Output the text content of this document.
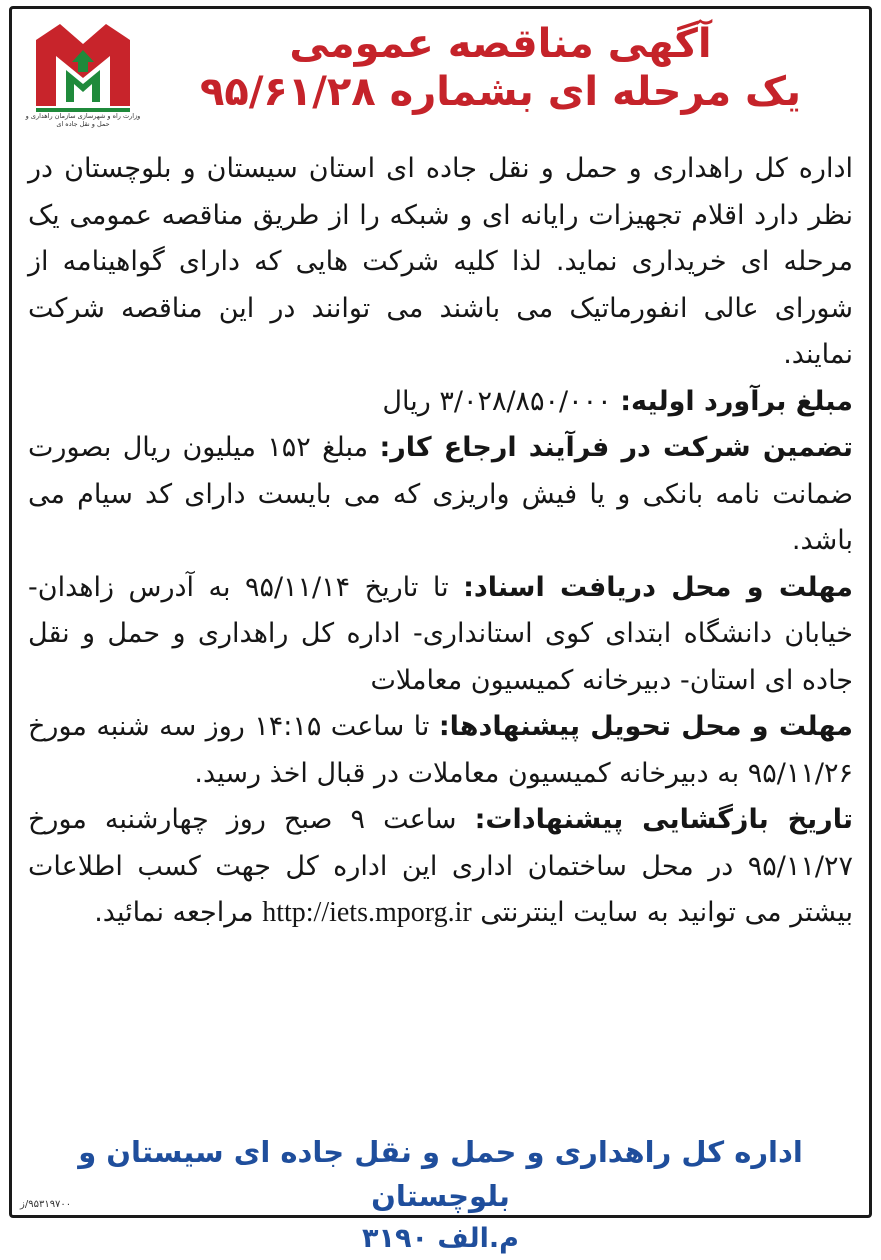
وزارت راه و شهرسازی سازمان راهداری و حمل و نقل جاده ای

آگهی مناقصه عمومی

یک مرحله ای بشماره ۹۵/۶۱/۲۸

اداره کل راهداری و حمل و نقل جاده ای استان سیستان و بلوچستان در نظر دارد اقلام تجهیزات رایانه ای و شبکه را از طریق مناقصه عمومی یک مرحله ای خریداری نماید. لذا کلیه شرکت هایی که دارای گواهینامه از شورای عالی انفورماتیک می باشند می توانند در این مناقصه شرکت نمایند.

مبلغ برآورد اولیه: ۳/۰۲۸/۸۵۰/۰۰۰ ریال

تضمین شرکت در فرآیند ارجاع کار: مبلغ ۱۵۲ میلیون ریال بصورت ضمانت نامه بانکی و یا فیش واریزی که می بایست دارای کد سیام می باشد.

مهلت و محل دریافت اسناد: تا تاریخ ۹۵/۱۱/۱۴ به آدرس زاهدان- خیابان دانشگاه ابتدای کوی استانداری- اداره کل راهداری و حمل و نقل جاده ای استان- دبیرخانه کمیسیون معاملات

مهلت و محل تحویل پیشنهادها: تا ساعت ۱۴:۱۵ روز سه شنبه مورخ ۹۵/۱۱/۲۶ به دبیرخانه کمیسیون معاملات در قبال اخذ رسید.

تاریخ بازگشایی پیشنهادات: ساعت ۹ صبح روز چهارشنبه مورخ ۹۵/۱۱/۲۷ در محل ساختمان اداری این اداره کل جهت کسب اطلاعات بیشتر می توانید به سایت اینترنتی http://iets.mporg.ir مراجعه نمائید.

اداره کل راهداری و حمل و نقل جاده ای سیستان و بلوچستان
م.الف ۳۱۹۰
۹۵۳۱۹۷۰۰/ز
